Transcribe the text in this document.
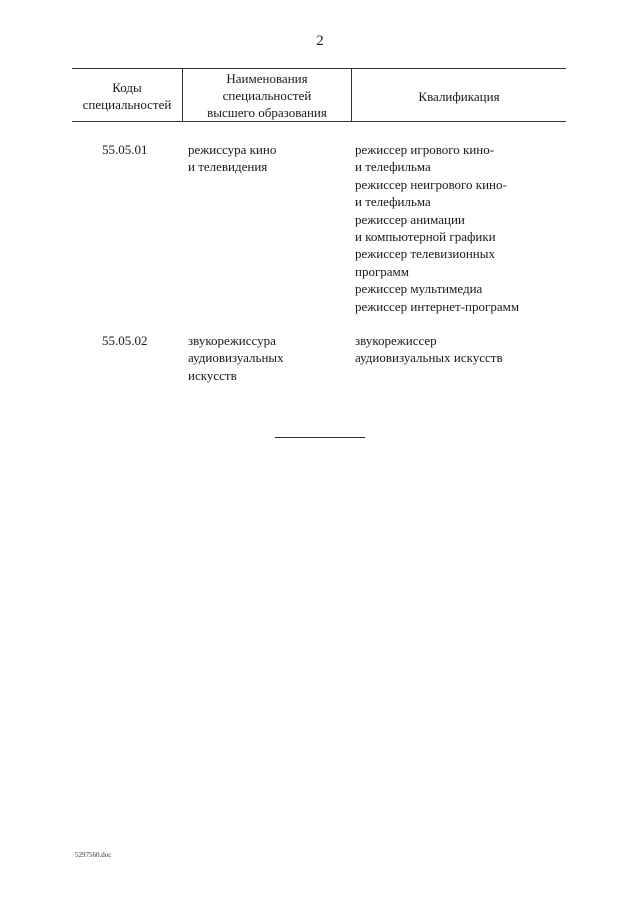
2
Коды
специальностей
Наименования
специальностей
высшего образования
Квалификация
55.05.01	режиссура кино
и телевидения
режиссер игрового кино-
и телефильма
режиссер неигрового кино-
и телефильма
режиссер анимации
и компьютерной графики
режиссер телевизионных
программ
режиссер мультимедиа
режиссер интернет-программ
55.05.02	звукорежиссура
аудиовизуальных
искусств
звукорежиссер
аудиовизуальных искусств
5297560.doc
